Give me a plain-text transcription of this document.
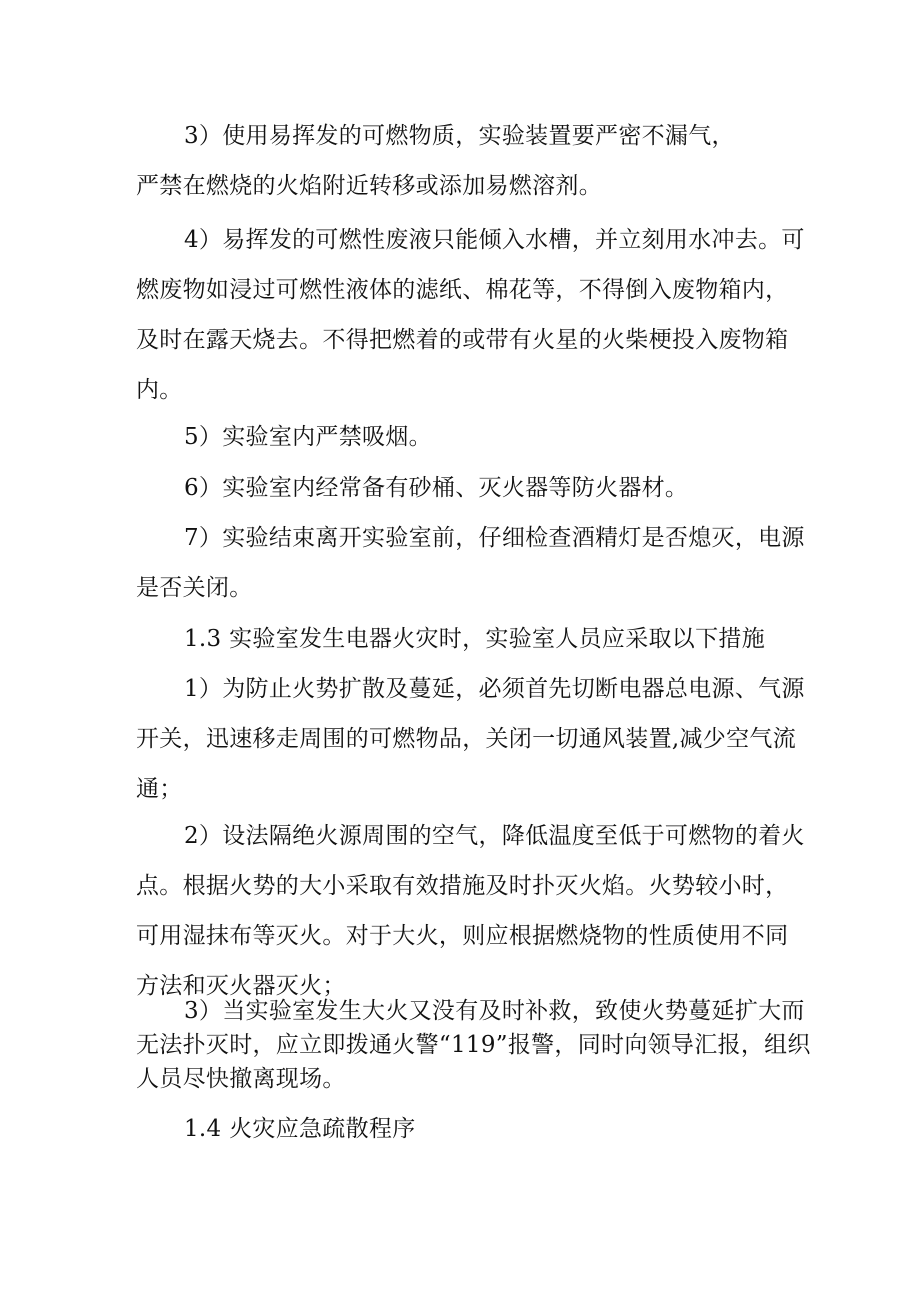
3）使用易挥发的可燃物质，实验装置要严密不漏气，
严禁在燃烧的火焰附近转移或添加易燃溶剂。

4）易挥发的可燃性废液只能倾入水槽，并立刻用水冲去。可
燃废物如浸过可燃性液体的滤纸、棉花等，不得倒入废物箱内，
及时在露天烧去。不得把燃着的或带有火星的火柴梗投入废物箱
内。

5）实验室内严禁吸烟。

6）实验室内经常备有砂桶、灭火器等防火器材。

7）实验结束离开实验室前，仔细检查酒精灯是否熄灭，电源
是否关闭。

1.3 实验室发生电器火灾时，实验室人员应采取以下措施

1）为防止火势扩散及蔓延，必须首先切断电器总电源、气源
开关，迅速移走周围的可燃物品，关闭一切通风装置,减少空气流
通；

2）设法隔绝火源周围的空气，降低温度至低于可燃物的着火
点。根据火势的大小采取有效措施及时扑灭火焰。火势较小时，
可用湿抹布等灭火。对于大火，则应根据燃烧物的性质使用不同
方法和灭火器灭火；

3）当实验室发生大火又没有及时补救，致使火势蔓延扩大而
无法扑灭时，应立即拨通火警“119”报警，同时向领导汇报，组织
人员尽快撤离现场。

1.4 火灾应急疏散程序
